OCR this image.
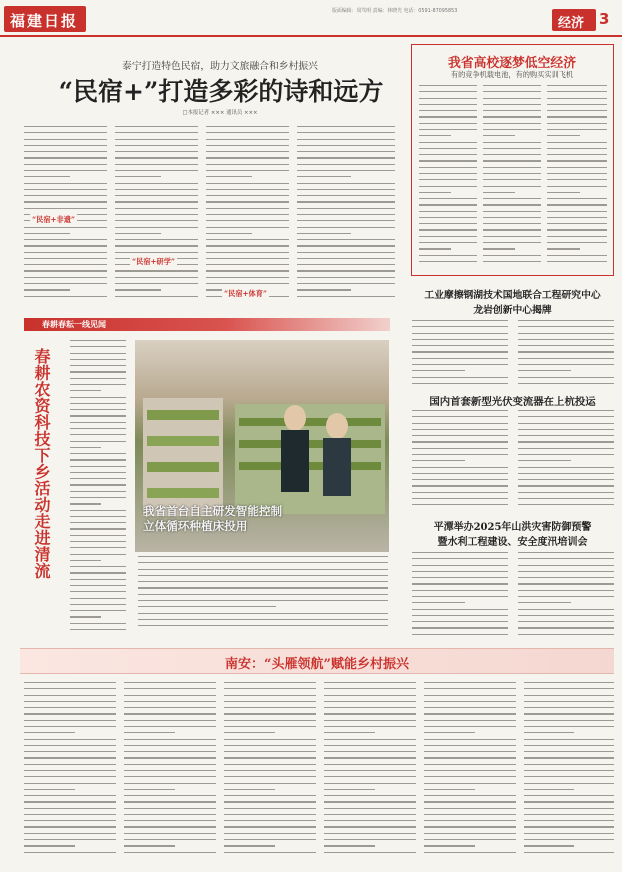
福建日报
版面编辑：周笃明 责编：林晓光 电话：0591-87095853
经济 3
泰宁打造特色民宿，助力文旅融合和乡村振兴
“民宿+”打造多彩的诗和远方
□本报记者 ××× 通讯员 ×××
“民宿+非遗”
“民宿+研学”
“民宿+体育”
我省高校逐梦低空经济
有的竞争机载电池，有的购买实训飞机
春耕春耘一线见闻
春耕农资科技下乡活动走进清流	我省首台自主研发智能控制立体循环种植床投用
工业摩擦钢湖技术国地联合工程研究中心
龙岩创新中心揭牌
国内首套新型光伏变流器在上杭投运
平潭举办2025年山洪灾害防御预警
暨水利工程建设、安全度汛培训会
南安：“头雁领航”赋能乡村振兴
